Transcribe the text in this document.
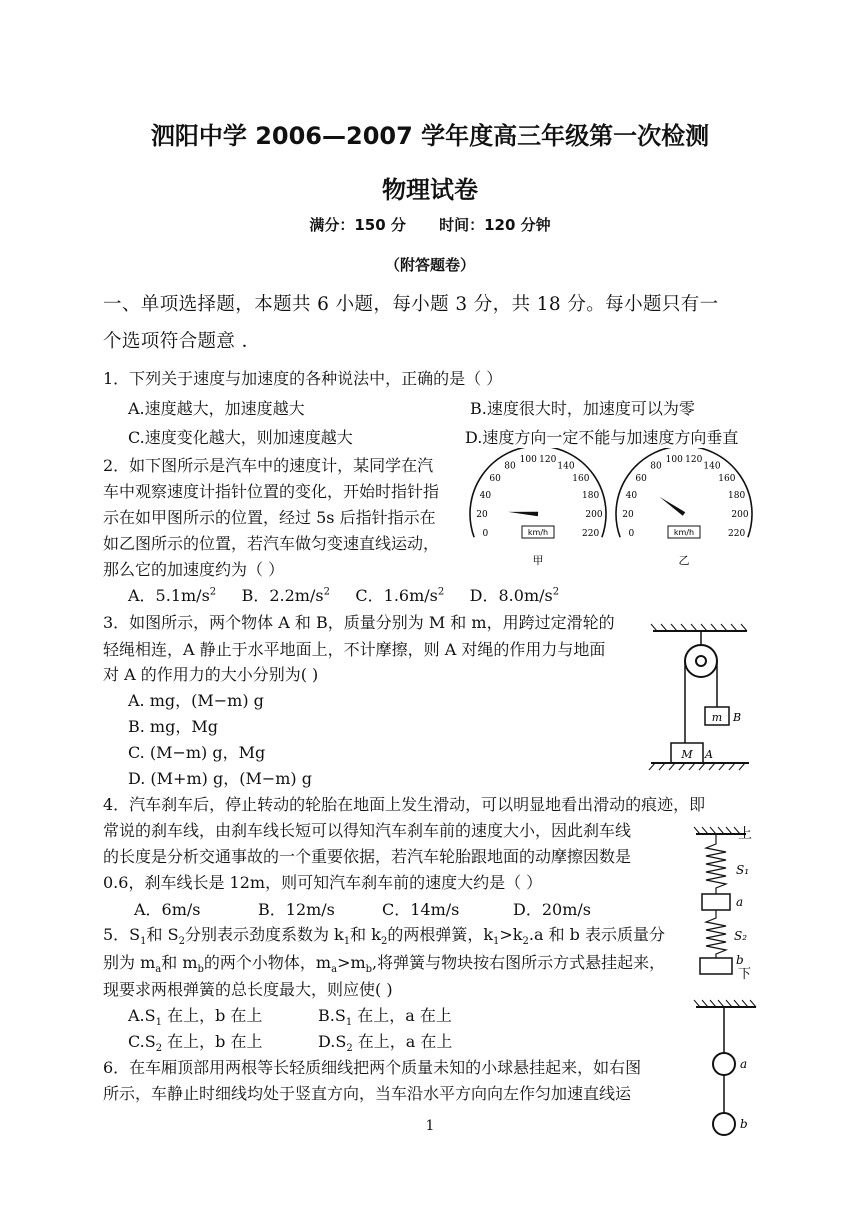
泗阳中学 2006—2007 学年度高三年级第一次检测
物理试卷
满分：150 分 时间：120 分钟
（附答题卷）
一、单项选择题，本题共 6 小题，每小题 3 分，共 18 分。每小题只有一
个选项符合题意 ．
1．下列关于速度与加速度的各种说法中，正确的是（ ）
A.速度越大，加速度越大	B.速度很大时，加速度可以为零
C.速度变化越大，则加速度越大	D.速度方向一定不能与加速度方向垂直
2．如下图所示是汽车中的速度计，某同学在汽
车中观察速度计指针位置的变化，开始时指针指
示在如甲图所示的位置，经过 5s 后指针指示在
如乙图所示的位置，若汽车做匀变速直线运动，
那么它的加速度约为（ ）
A．$5.1m/s^2$ B．$2.2m/s^2$ C．$1.6m/s^2$ D．$8.0m/s^2$
0
20
40
60
80
100 120
140
160
180
200
220
km/h	0
20
40
60
80
100 120
140
160
180
200
220
km/h
甲	乙
3．如图所示，两个物体 A 和 B，质量分别为 M 和 m，用跨过定滑轮的
轻绳相连，A 静止于水平地面上，不计摩擦，则 A 对绳的作用力与地面
对 A 的作用力的大小分别为( )
A. mg，(M−m) g
B. mg，Mg
C. (M−m) g，Mg
D. (M+m) g，(M−m) g
m B
M A
4．汽车刹车后，停止转动的轮胎在地面上发生滑动，可以明显地看出滑动的痕迹，即
常说的刹车线，由刹车线长短可以得知汽车刹车前的速度大小，因此刹车线
的长度是分析交通事故的一个重要依据，若汽车轮胎跟地面的动摩擦因数是
0.6，刹车线长是 12m，则可知汽车刹车前的速度大约是（ ）
A．6m/s	B．12m/s	C．14m/s	D．20m/s
上
S₁
a
S₂
b
下
5．$S_1$和 $S_2$分别表示劲度系数为 $k_1$和 $k_2$的两根弹簧，$k_1>k_2.a$ 和 b 表示质量分
别为 $m_a$和 $m_b$的两个小物体，$m_a>m_b$,将弹簧与物块按右图所示方式悬挂起来，
现要求两根弹簧的总长度最大，则应使( )
$A.S_1$ 在上，b 在上	$B.S_1$ 在上，a 在上
$C.S_2$ 在上，b 在上	$D.S_2$ 在上，a 在上
6．在车厢顶部用两根等长轻质细线把两个质量未知的小球悬挂起来，如右图
所示，车静止时细线均处于竖直方向，当车沿水平方向向左作匀加速直线运
a
b
1
